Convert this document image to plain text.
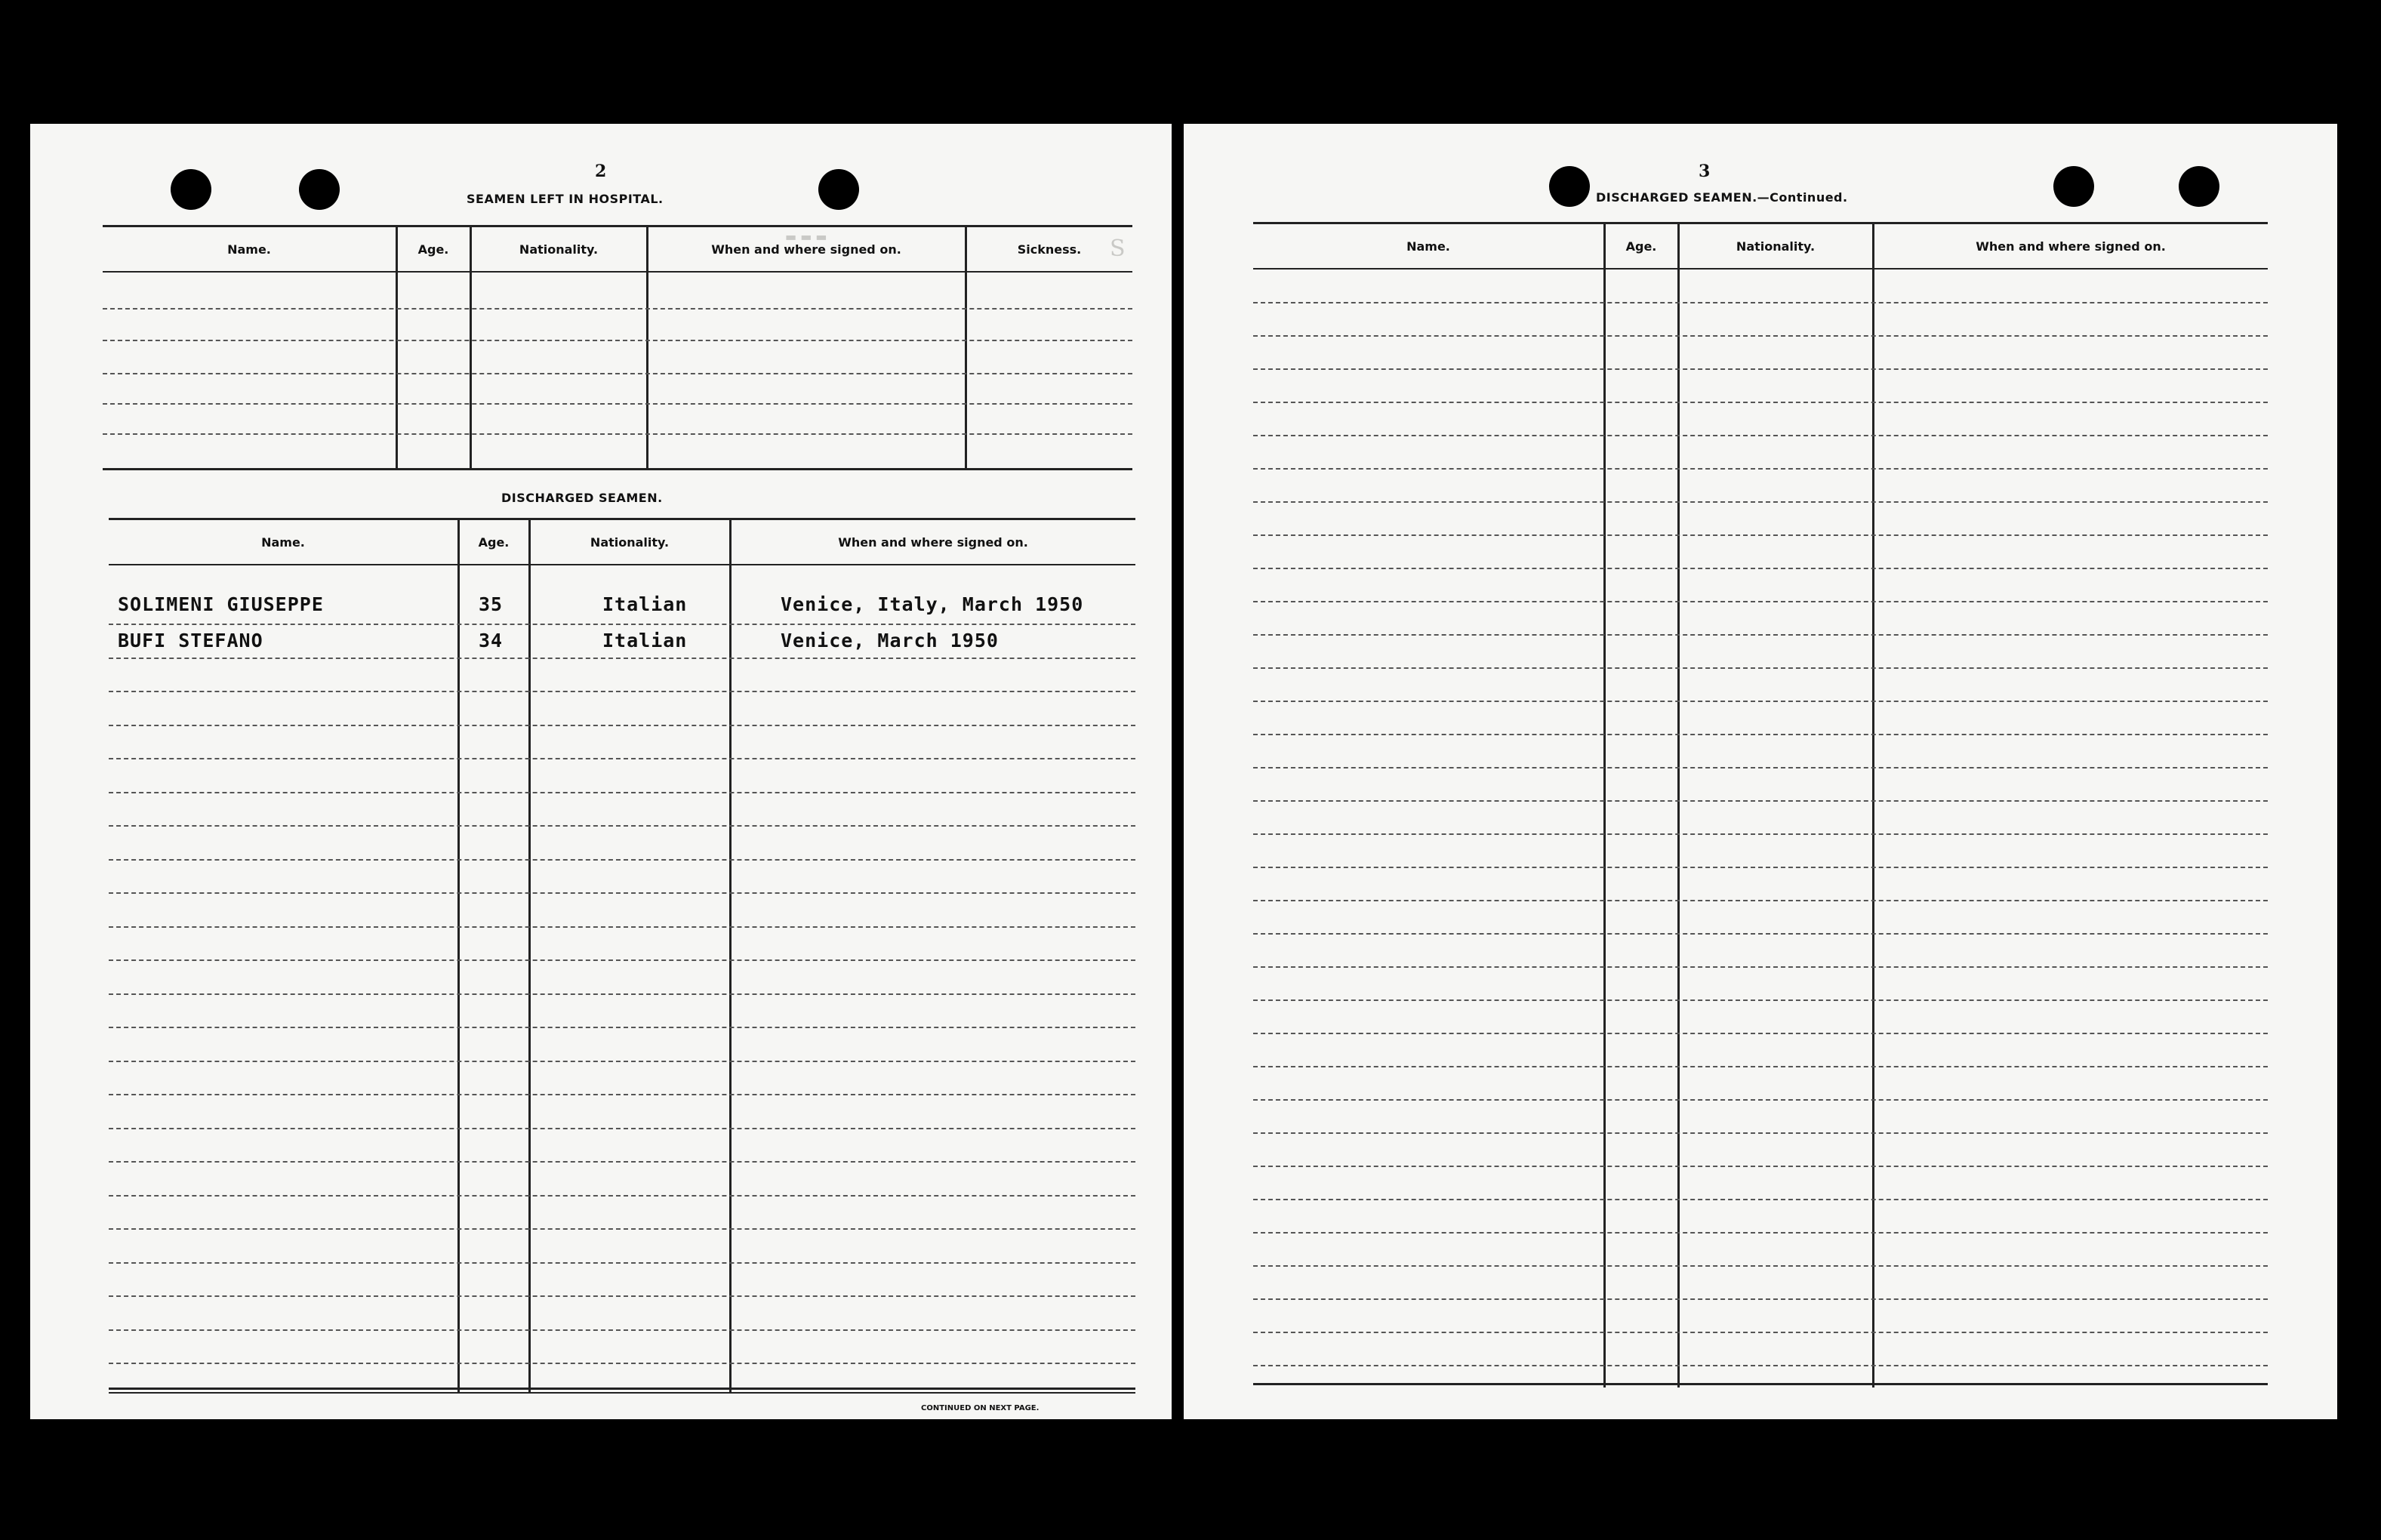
S
▬ ▬ ▬
2
SEAMEN LEFT IN HOSPITAL.
Name.	Age.	Nationality.	When and where signed on.	Sickness.
DISCHARGED SEAMEN.
Name.	Age.	Nationality.	When and where signed on.
SOLIMENI GIUSEPPE	35	Italian	Venice, Italy, March 1950
BUFI STEFANO	34	Italian	Venice, March 1950
CONTINUED ON NEXT PAGE.
3
DISCHARGED SEAMEN.—Continued.
Name.	Age.	Nationality.	When and where signed on.
